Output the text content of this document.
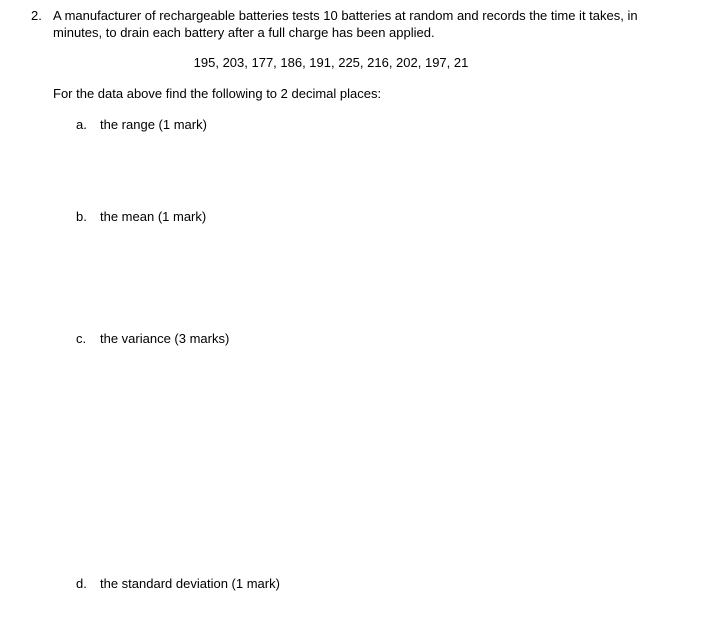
2. A manufacturer of rechargeable batteries tests 10 batteries at random and records the time it takes, in
minutes, to drain each battery after a full charge has been applied.
195, 203, 177, 186, 191, 225, 216, 202, 197, 21
For the data above find the following to 2 decimal places:
a. the range (1 mark)
b. the mean (1 mark)
c. the variance (3 marks)
d. the standard deviation (1 mark)
